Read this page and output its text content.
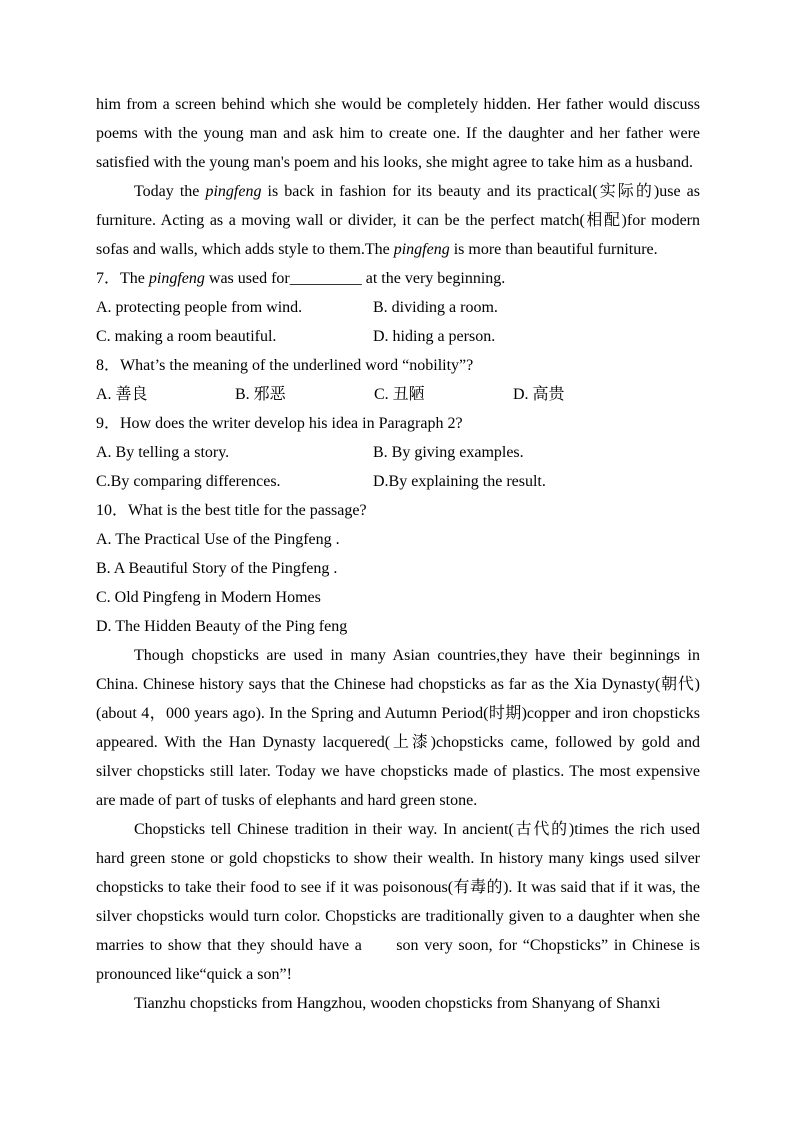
him from a screen behind which she would be completely hidden. Her father would discuss poems with the young man and ask him to create one. If the daughter and her father were satisfied with the young man's poem and his looks, she might agree to take him as a husband.

Today the pingfeng is back in fashion for its beauty and its practical(实际的)use as furniture. Acting as a moving wall or divider, it can be the perfect match(相配)for modern sofas and walls, which adds style to them.The pingfeng is more than beautiful furniture.

7．The pingfeng was used for_________ at the very beginning.

A. protecting people from wind.	B. dividing a room.
C. making a room beautiful.	D. hiding a person.

8．What’s the meaning of the underlined word “nobility”?

A. 善良	B. 邪恶	C. 丑陋	D. 高贵

9．How does the writer develop his idea in Paragraph 2?

A. By telling a story.	B. By giving examples.
C.By comparing differences.	D.By explaining the result.

10．What is the best title for the passage?

A. The Practical Use of the Pingfeng .

B. A Beautiful Story of the Pingfeng .

C. Old Pingfeng in Modern Homes

D. The Hidden Beauty of the Ping feng

Though chopsticks are used in many Asian countries,they have their beginnings in China. Chinese history says that the Chinese had chopsticks as far as the Xia Dynasty(朝代)(about 4，000 years ago). In the Spring and Autumn Period(时期)copper and iron chopsticks appeared. With the Han Dynasty lacquered(上漆)chopsticks came, followed by gold and silver chopsticks still later. Today we have chopsticks made of plastics. The most expensive are made of part of tusks of elephants and hard green stone.

Chopsticks tell Chinese tradition in their way. In ancient(古代的)times the rich used hard green stone or gold chopsticks to show their wealth. In history many kings used silver chopsticks to take their food to see if it was poisonous(有毒的). It was said that if it was, the silver chopsticks would turn color. Chopsticks are traditionally given to a daughter when she marries to show that they should have a      son very soon, for “Chopsticks” in Chinese is pronounced like“quick a son”!

Tianzhu chopsticks from Hangzhou, wooden chopsticks from Shanyang of Shanxi
